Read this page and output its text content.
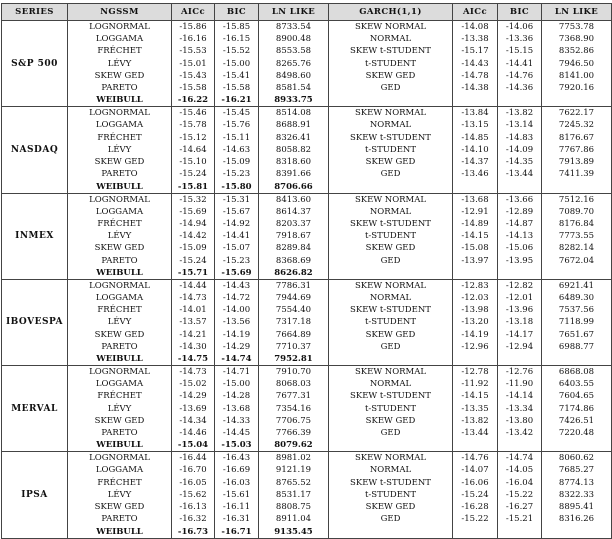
SERIES	NGSSM	AICc	BIC	LN LIKE	GARCH(1,1)	AICc	BIC	LN LIKE
S&P 500	LOGNORMAL	-15.86	-15.85	8733.54	SKEW NORMAL	-14.08	-14.06	7753.78
	LOGGAMA	-16.16	-16.15	8900.48	NORMAL	-13.38	-13.36	7368.90
	FRÉCHET	-15.53	-15.52	8553.58	SKEW t-STUDENT	-15.17	-15.15	8352.86
	LÉVY	-15.01	-15.00	8265.76	t-STUDENT	-14.43	-14.41	7946.50
	SKEW GED	-15.43	-15.41	8498.60	SKEW GED	-14.78	-14.76	8141.00
	PARETO	-15.58	-15.58	8581.54	GED	-14.38	-14.36	7920.16
	WEIBULL	-16.22	-16.21	8933.75				
NASDAQ	LOGNORMAL	-15.46	-15.45	8514.08	SKEW NORMAL	-13.84	-13.82	7622.17
	LOGGAMA	-15.78	-15.76	8688.91	NORMAL	-13.15	-13.14	7245.32
	FRÉCHET	-15.12	-15.11	8326.41	SKEW t-STUDENT	-14.85	-14.83	8176.67
	LÉVY	-14.64	-14.63	8058.82	t-STUDENT	-14.10	-14.09	7767.86
	SKEW GED	-15.10	-15.09	8318.60	SKEW GED	-14.37	-14.35	7913.89
	PARETO	-15.24	-15.23	8391.66	GED	-13.46	-13.44	7411.39
	WEIBULL	-15.81	-15.80	8706.66				
INMEX	LOGNORMAL	-15.32	-15.31	8413.60	SKEW NORMAL	-13.68	-13.66	7512.16
	LOGGAMA	-15.69	-15.67	8614.37	NORMAL	-12.91	-12.89	7089.70
	FRÉCHET	-14.94	-14.92	8203.37	SKEW t-STUDENT	-14.89	-14.87	8176.84
	LÉVY	-14.42	-14.41	7918.67	t-STUDENT	-14.15	-14.13	7773.55
	SKEW GED	-15.09	-15.07	8289.84	SKEW GED	-15.08	-15.06	8282.14
	PARETO	-15.24	-15.23	8368.69	GED	-13.97	-13.95	7672.04
	WEIBULL	-15.71	-15.69	8626.82				
IBOVESPA	LOGNORMAL	-14.44	-14.43	7786.31	SKEW NORMAL	-12.83	-12.82	6921.41
	LOGGAMA	-14.73	-14.72	7944.69	NORMAL	-12.03	-12.01	6489.30
	FRÉCHET	-14.01	-14.00	7554.40	SKEW t-STUDENT	-13.98	-13.96	7537.56
	LÉVY	-13.57	-13.56	7317.18	t-STUDENT	-13.20	-13.18	7118.99
	SKEW GED	-14.21	-14.19	7664.89	SKEW GED	-14.19	-14.17	7651.67
	PARETO	-14.30	-14.29	7710.37	GED	-12.96	-12.94	6988.77
	WEIBULL	-14.75	-14.74	7952.81				
MERVAL	LOGNORMAL	-14.73	-14.71	7910.70	SKEW NORMAL	-12.78	-12.76	6868.08
	LOGGAMA	-15.02	-15.00	8068.03	NORMAL	-11.92	-11.90	6403.55
	FRÉCHET	-14.29	-14.28	7677.31	SKEW t-STUDENT	-14.15	-14.14	7604.65
	LÉVY	-13.69	-13.68	7354.16	t-STUDENT	-13.35	-13.34	7174.86
	SKEW GED	-14.34	-14.33	7706.75	SKEW GED	-13.82	-13.80	7426.51
	PARETO	-14.46	-14.45	7766.39	GED	-13.44	-13.42	7220.48
	WEIBULL	-15.04	-15.03	8079.62				
IPSA	LOGNORMAL	-16.44	-16.43	8981.02	SKEW NORMAL	-14.76	-14.74	8060.62
	LOGGAMA	-16.70	-16.69	9121.19	NORMAL	-14.07	-14.05	7685.27
	FRÉCHET	-16.05	-16.03	8765.52	SKEW t-STUDENT	-16.06	-16.04	8774.13
	LÉVY	-15.62	-15.61	8531.17	t-STUDENT	-15.24	-15.22	8322.33
	SKEW GED	-16.13	-16.11	8808.75	SKEW GED	-16.28	-16.27	8895.41
	PARETO	-16.32	-16.31	8911.04	GED	-15.22	-15.21	8316.26
	WEIBULL	-16.73	-16.71	9135.45				
